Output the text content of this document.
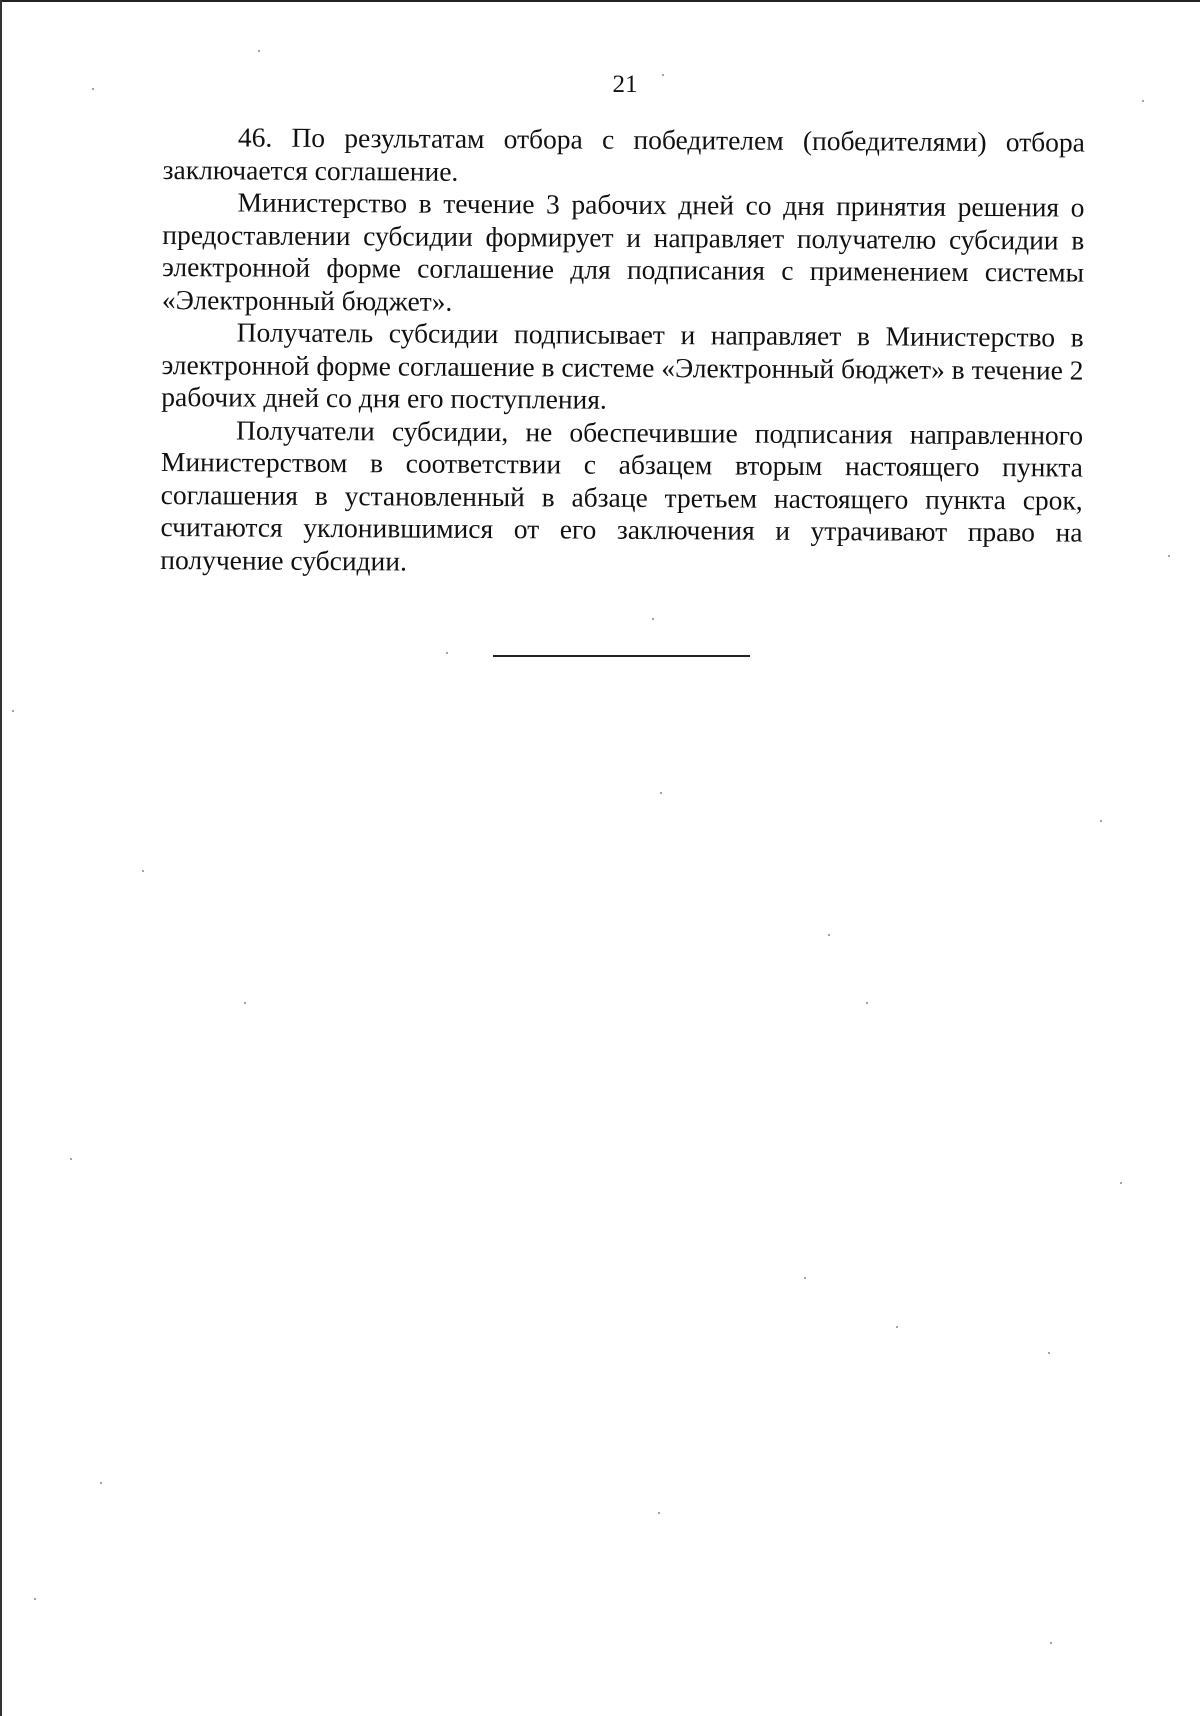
21

46. По результатам отбора с победителем (победителями) отбора заключается соглашение.

Министерство в течение 3 рабочих дней со дня принятия решения о предоставлении субсидии формирует и направляет получателю субсидии в электронной форме соглашение для подписания с применением системы «Электронный бюджет».

Получатель субсидии подписывает и направляет в Министерство в электронной форме соглашение в системе «Электронный бюджет» в течение 2 рабочих дней со дня его поступления.

Получатели субсидии, не обеспечившие подписания направленного Министерством в соответствии с абзацем вторым настоящего пункта соглашения в установленный в абзаце третьем настоящего пункта срок, считаются уклонившимися от его заключения и утрачивают право на получение субсидии.
